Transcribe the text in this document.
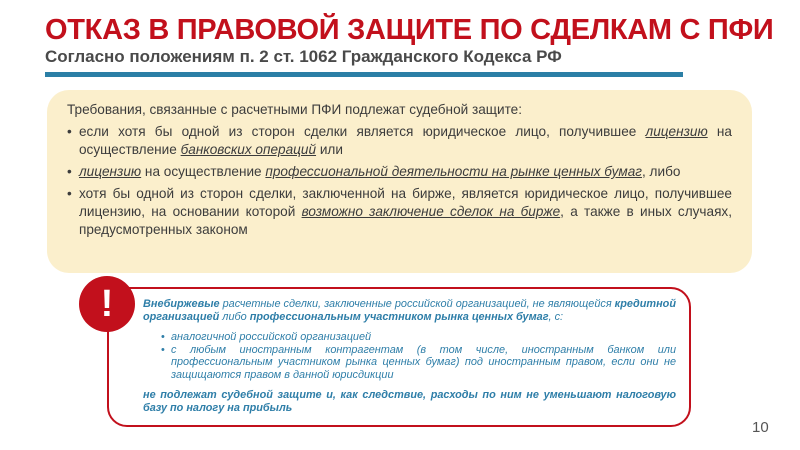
ОТКАЗ В ПРАВОВОЙ ЗАЩИТЕ ПО СДЕЛКАМ С ПФИ
Согласно положениям п. 2 ст. 1062 Гражданского Кодекса РФ
Требования, связанные с расчетными ПФИ подлежат судебной защите:
• если хотя бы одной из сторон сделки является юридическое лицо, получившее лицензию на осуществление банковских операций или
• лицензию на осуществление профессиональной деятельности на рынке ценных бумаг, либо
• хотя бы одной из сторон сделки, заключенной на бирже, является юридическое лицо, получившее лицензию, на основании которой возможно заключение сделок на бирже, а также в иных случаях, предусмотренных законом
!	Внебиржевые расчетные сделки, заключенные российской организацией, не являющейся кредитной организацией либо профессиональным участником рынка ценных бумаг, с:

• аналогичной российской организацией
• с любым иностранным контрагентам (в том числе, иностранным банком или профессиональным участником рынка ценных бумаг) под иностранным правом, если они не защищаются правом в данной юрисдикции

не подлежат судебной защите и, как следствие, расходы по ним не уменьшают налоговую базу по налогу на прибыль

10
